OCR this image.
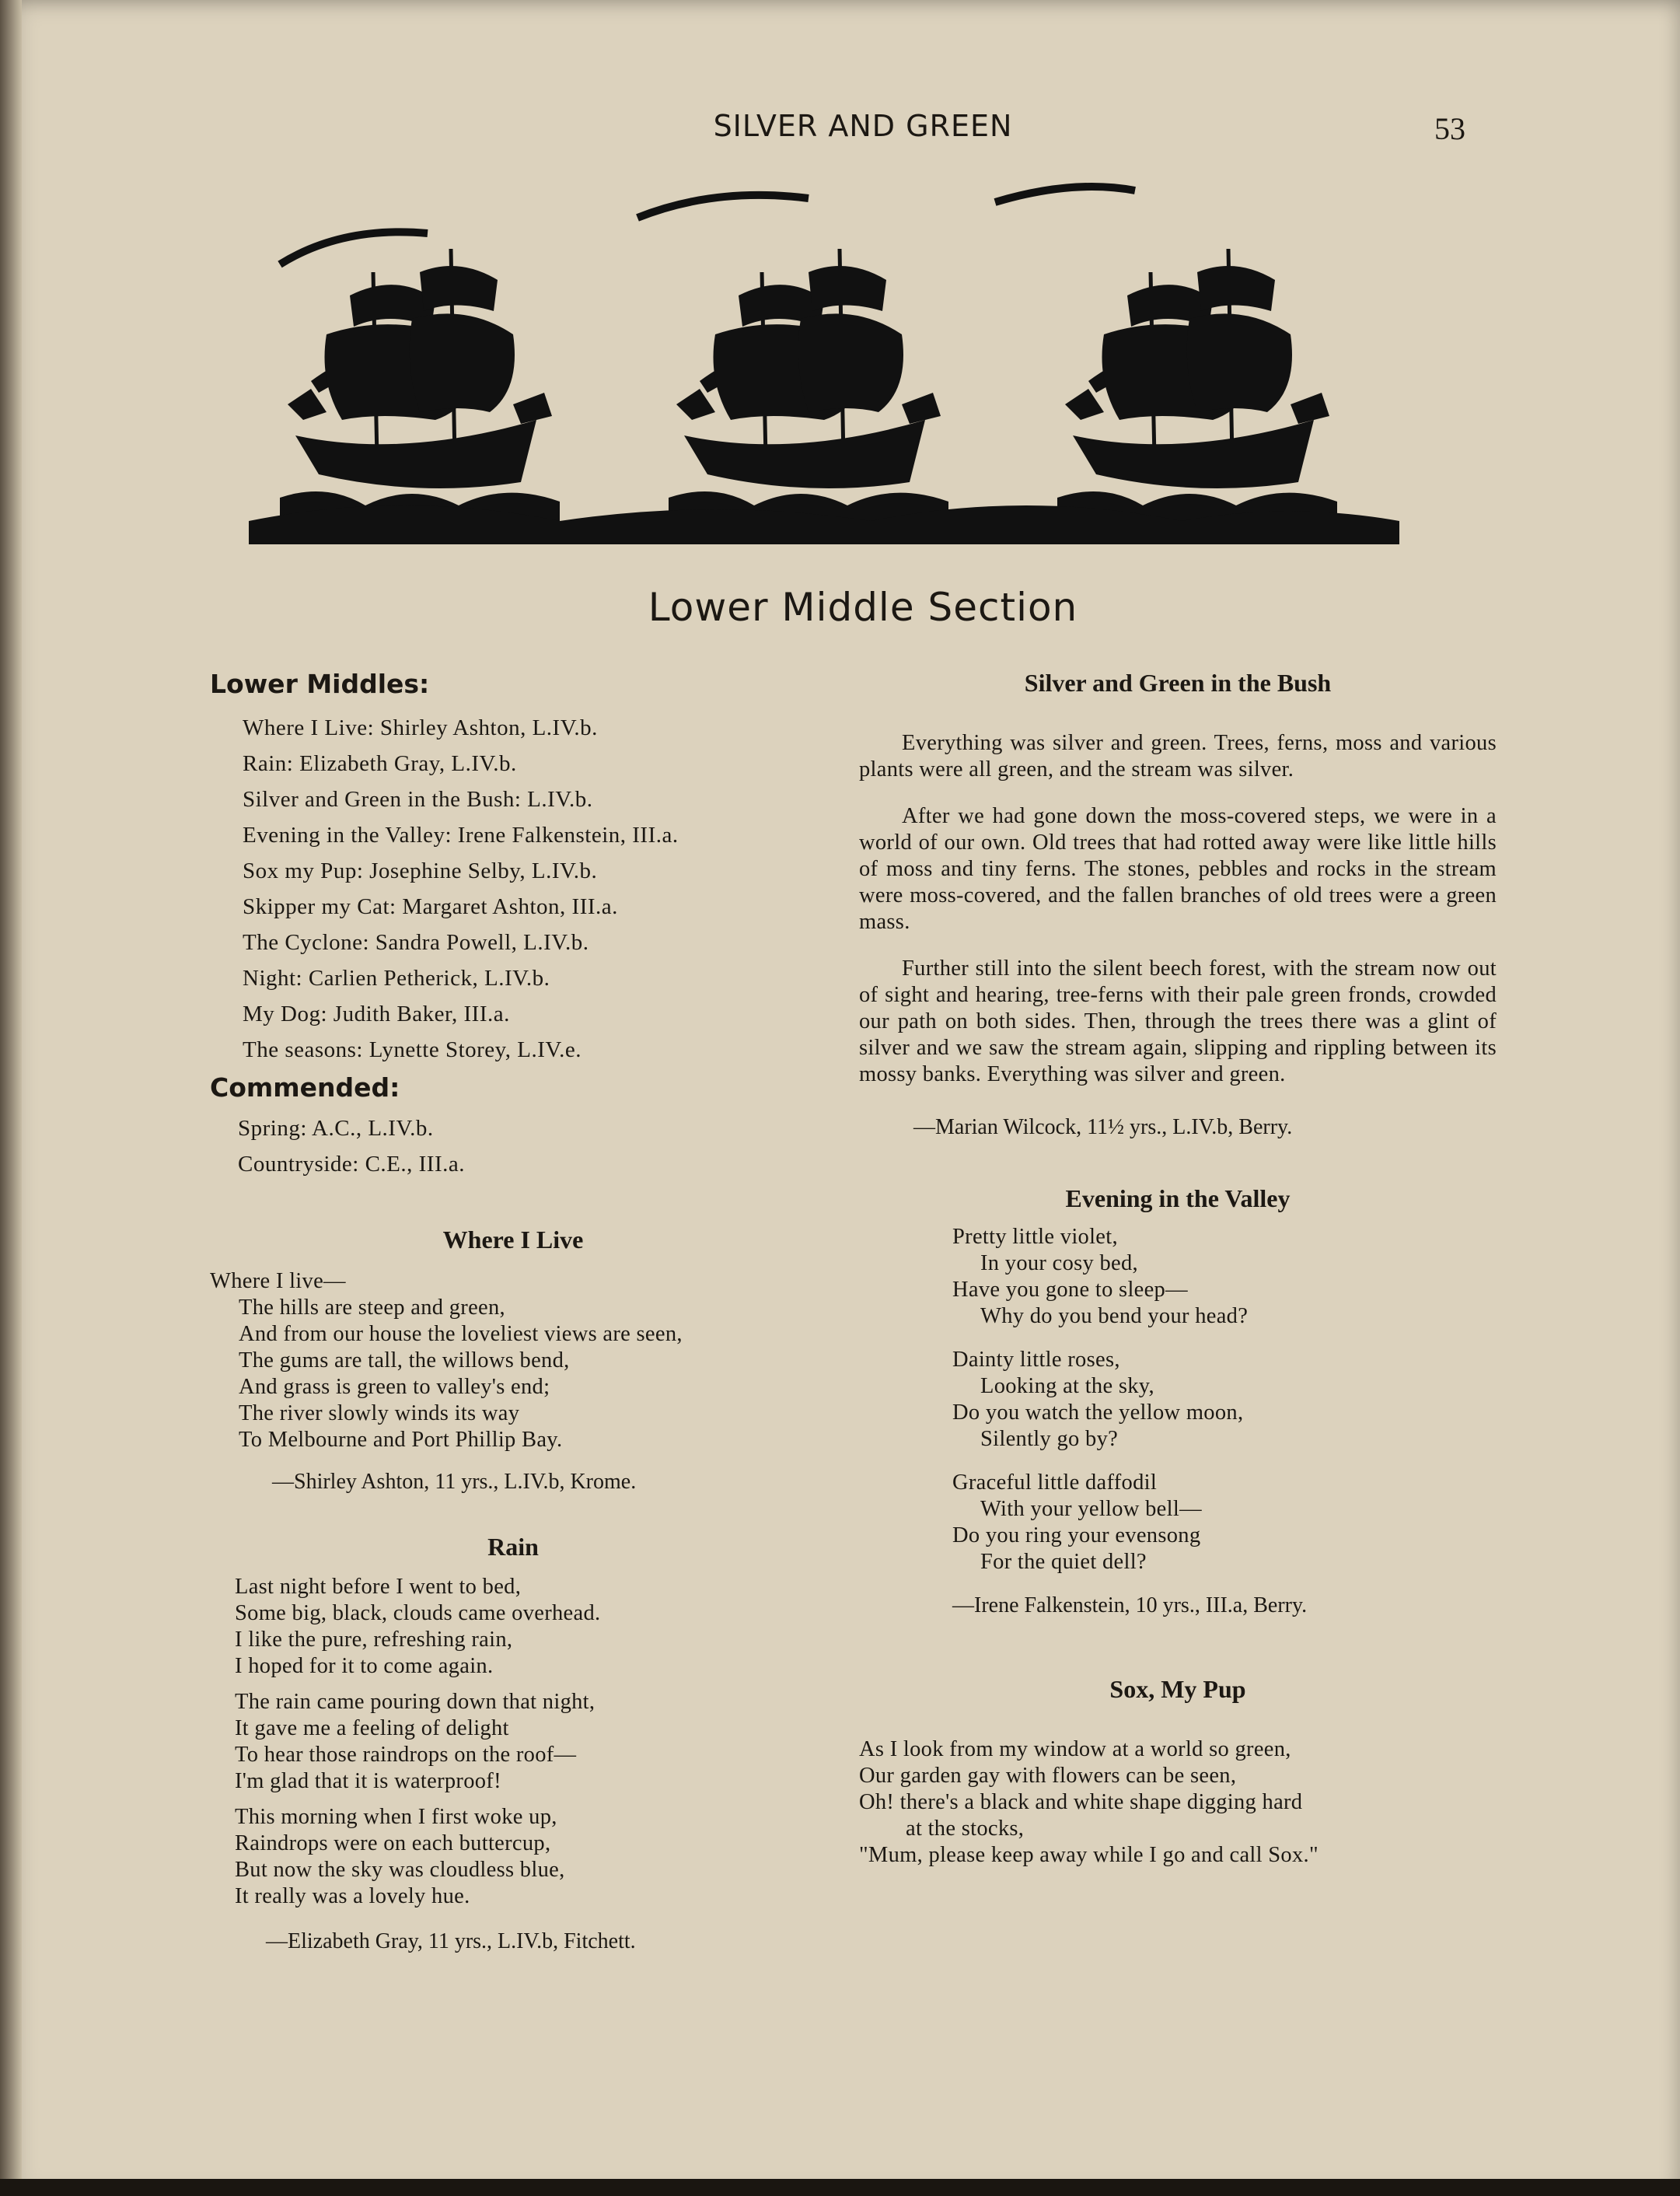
SILVER AND GREEN	53
Lower Middle Section
Lower Middles:
Where I Live: Shirley Ashton, L.IV.b.
Rain: Elizabeth Gray, L.IV.b.
Silver and Green in the Bush: L.IV.b.
Evening in the Valley: Irene Falkenstein, III.a.
Sox my Pup: Josephine Selby, L.IV.b.
Skipper my Cat: Margaret Ashton, III.a.
The Cyclone: Sandra Powell, L.IV.b.
Night: Carlien Petherick, L.IV.b.
My Dog: Judith Baker, III.a.
The seasons: Lynette Storey, L.IV.e.
Commended:
Spring: A.C., L.IV.b.
Countryside: C.E., III.a.
Where I Live
Where I live—
The hills are steep and green,
And from our house the loveliest views are seen,
The gums are tall, the willows bend,
And grass is green to valley's end;
The river slowly winds its way
To Melbourne and Port Phillip Bay.
—Shirley Ashton, 11 yrs., L.IV.b, Krome.
Rain
Last night before I went to bed,
Some big, black, clouds came overhead.
I like the pure, refreshing rain,
I hoped for it to come again.
The rain came pouring down that night,
It gave me a feeling of delight
To hear those raindrops on the roof—
I'm glad that it is waterproof!
This morning when I first woke up,
Raindrops were on each buttercup,
But now the sky was cloudless blue,
It really was a lovely hue.
—Elizabeth Gray, 11 yrs., L.IV.b, Fitchett.
Silver and Green in the Bush

Everything was silver and green. Trees, ferns, moss and various plants were all green, and the stream was silver.

After we had gone down the moss-covered steps, we were in a world of our own. Old trees that had rotted away were like little hills of moss and tiny ferns. The stones, pebbles and rocks in the stream were moss-covered, and the fallen branches of old trees were a green mass.

Further still into the silent beech forest, with the stream now out of sight and hearing, tree-ferns with their pale green fronds, crowded our path on both sides. Then, through the trees there was a glint of silver and we saw the stream again, slipping and rippling between its mossy banks. Everything was silver and green.

—Marian Wilcock, 11½ yrs., L.IV.b, Berry.
Evening in the Valley
Pretty little violet,
In your cosy bed,
Have you gone to sleep—
Why do you bend your head?
Dainty little roses,
Looking at the sky,
Do you watch the yellow moon,
Silently go by?
Graceful little daffodil
With your yellow bell—
Do you ring your evensong
For the quiet dell?
—Irene Falkenstein, 10 yrs., III.a, Berry.
Sox, My Pup
As I look from my window at a world so green,
Our garden gay with flowers can be seen,
Oh! there's a black and white shape digging hard
at the stocks,
"Mum, please keep away while I go and call Sox."
